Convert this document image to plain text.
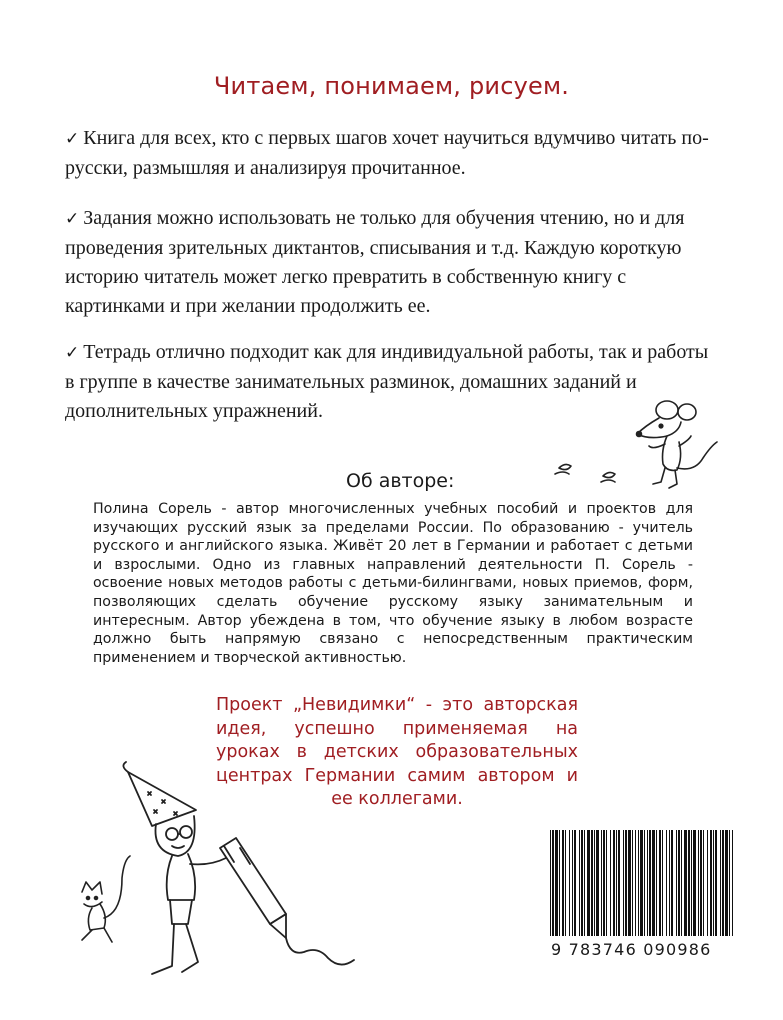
Читаем, понимаем, рисуем.
✓ Книга для всех, кто с первых шагов хочет научиться вдумчиво читать по-русски, размышляя и анализируя прочитанное.
✓ Задания можно использовать не только для обучения чтению, но и для проведения зрительных диктантов, списывания и т.д. Каждую короткую историю читатель может легко превратить в собственную книгу с картинками и при желании продолжить ее.
✓ Тетрадь отлично подходит как для индивидуальной работы, так и работы в группе в качестве занимательных разминок, домашних заданий и дополнительных упражнений.
Об авторе:
Полина Сорель - автор многочисленных учебных пособий и проектов для изучающих русский язык за пределами России. По образованию - учитель русского и английского языка. Живёт 20 лет в Германии и работает с детьми и взрослыми. Одно из главных направлений деятельности П. Сорель - освоение новых методов работы с детьми-билингвами, новых приемов, форм, позволяющих сделать обучение русскому языку занимательным и интересным. Автор убеждена в том, что обучение языку в любом возрасте должно быть напрямую связано с непосредственным практическим применением и творческой активностью.
Проект „Невидимки“ - это авторская идея, успешно применяемая на уроках в детских образовательных центрах Германии самим автором и ее коллегами.
9 783746 090986
